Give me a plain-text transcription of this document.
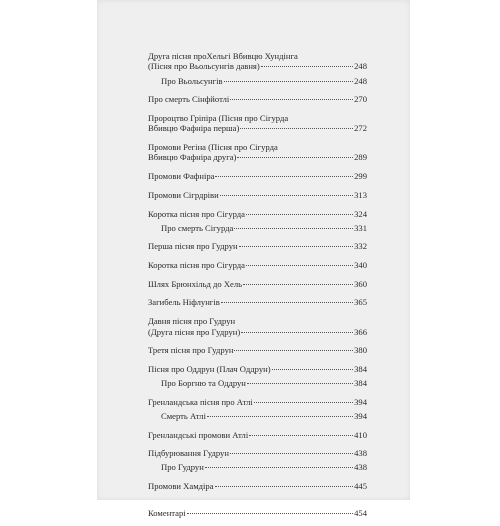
Друга пісня проХельгі Вбивцю Хундінга
(Пісня про Вьольсунгів давня)	248
Про Вьольсунгів	248
Про смерть Сінфйотлі	270
Пророцтво Гріпіра (Пісня про Сігурда
Вбивцю Фафніра перша)	272
Промови Регіна (Пісня про Сігурда
Вбивцю Фафніра друга)	289
Промови Фафніра	299
Промови Сігрдріви	313
Коротка пісня про Сігурда	324
Про смерть Сігурда	331
Перша пісня про Гудрун	332
Коротка пісня про Сігурда	340
Шлях Брюнхільд до Хель	360
Загибель Ніфлунгів	365
Давня пісня про Гудрун
(Друга пісня про Гудрун)	366
Третя пісня про Гудрун	380
Пісня про Оддрун (Плач Оддрун)	384
Про Боргню та Оддрун	384
Гренландська пісня про Атлі	394
Смерть Атлі	394
Гренландські промови Атлі	410
Підбурювання Гудрун	438
Про Гудрун	438
Промови Хамдіра	445
Коментарі	454
